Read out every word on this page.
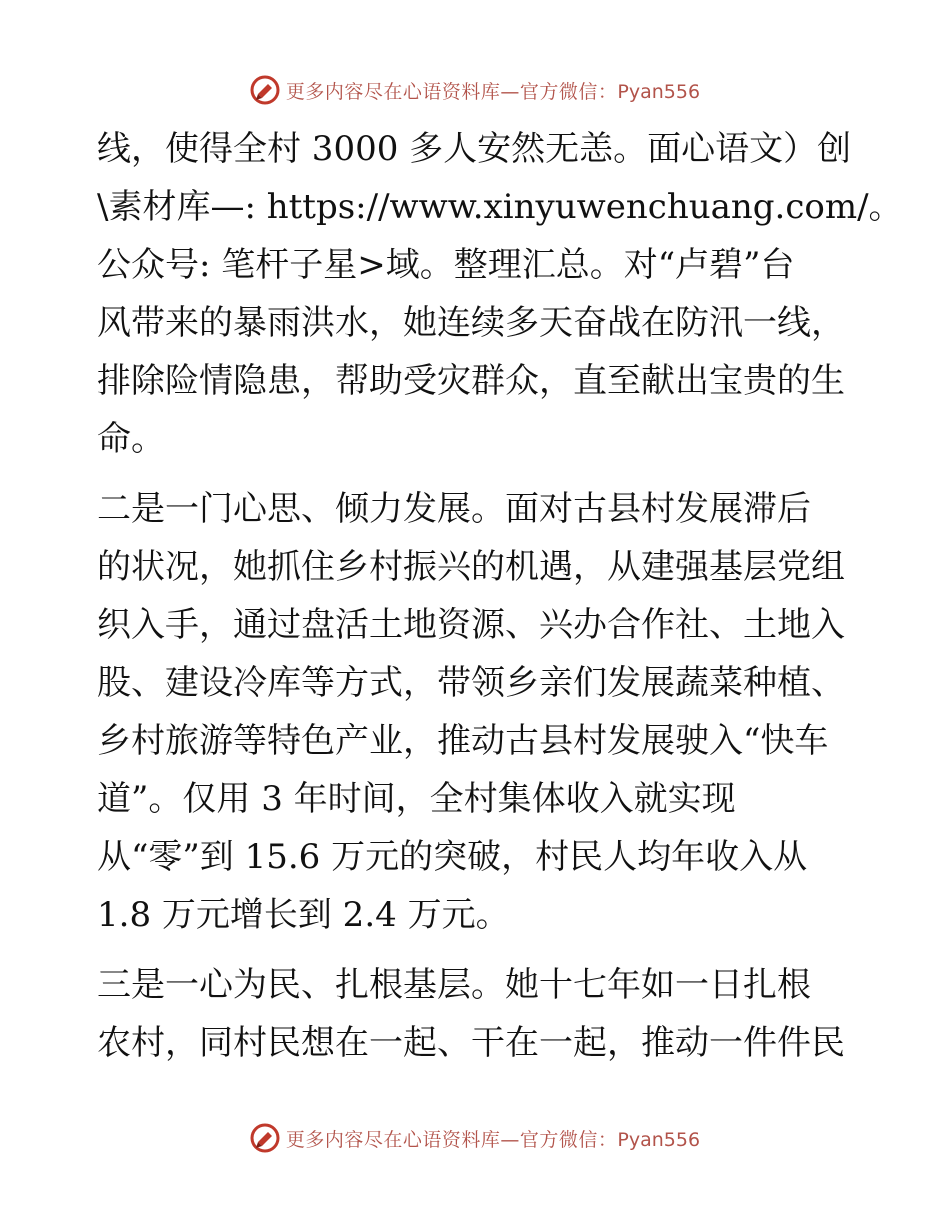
更多内容尽在心语资料库—官方微信：Pyan556

线，使得全村 3000 多人安然无恙。面心语文）创
\素材库—: https://www.xinyuwenchuang.com/。
公众号: 笔杆子星>域。整理汇总。对“卢碧”台
风带来的暴雨洪水，她连续多天奋战在防汛一线，
排除险情隐患，帮助受灾群众，直至献出宝贵的生
命。

二是一门心思、倾力发展。面对古县村发展滞后
的状况，她抓住乡村振兴的机遇，从建强基层党组
织入手，通过盘活土地资源、兴办合作社、土地入
股、建设冷库等方式，带领乡亲们发展蔬菜种植、
乡村旅游等特色产业，推动古县村发展驶入“快车
道”。仅用 3 年时间，全村集体收入就实现
从“零”到 15.6 万元的突破，村民人均年收入从
1.8 万元增长到 2.4 万元。

三是一心为民、扎根基层。她十七年如一日扎根
农村，同村民想在一起、干在一起，推动一件件民

更多内容尽在心语资料库—官方微信：Pyan556
